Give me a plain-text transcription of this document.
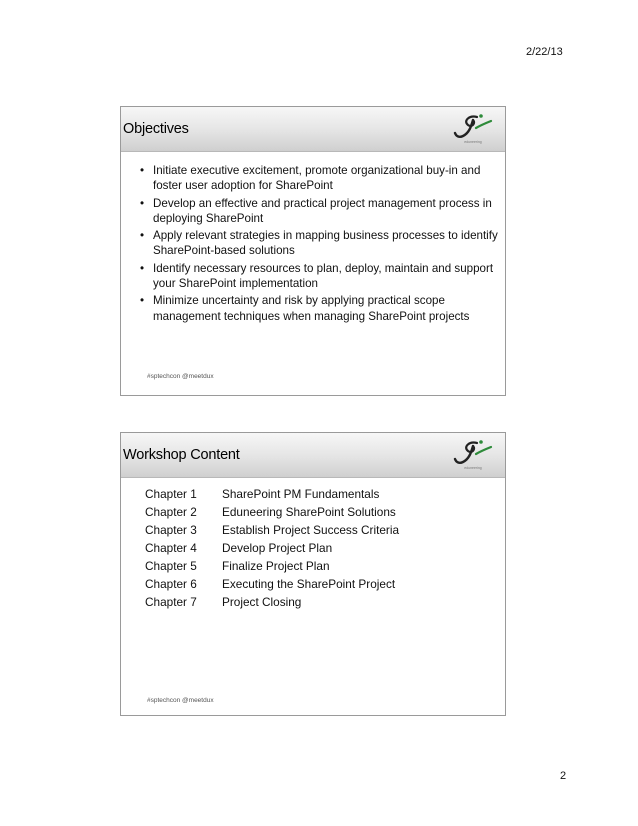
2/22/13
Objectives
eduneering
• Initiate executive excitement, promote organizational buy-in and foster user adoption for SharePoint
• Develop an effective and practical project management process in deploying SharePoint
• Apply relevant strategies in mapping business processes to identify SharePoint-based solutions
• Identify necessary resources to plan, deploy, maintain and support your SharePoint implementation
• Minimize uncertainty and risk by applying practical scope management techniques when managing SharePoint projects
#sptechcon @meetdux
Workshop Content
eduneering
Chapter 1	SharePoint PM Fundamentals
Chapter 2	Eduneering SharePoint Solutions
Chapter 3	Establish Project Success Criteria
Chapter 4	Develop Project Plan
Chapter 5	Finalize Project Plan
Chapter 6	Executing the SharePoint Project
Chapter 7	Project Closing
#sptechcon @meetdux
2
